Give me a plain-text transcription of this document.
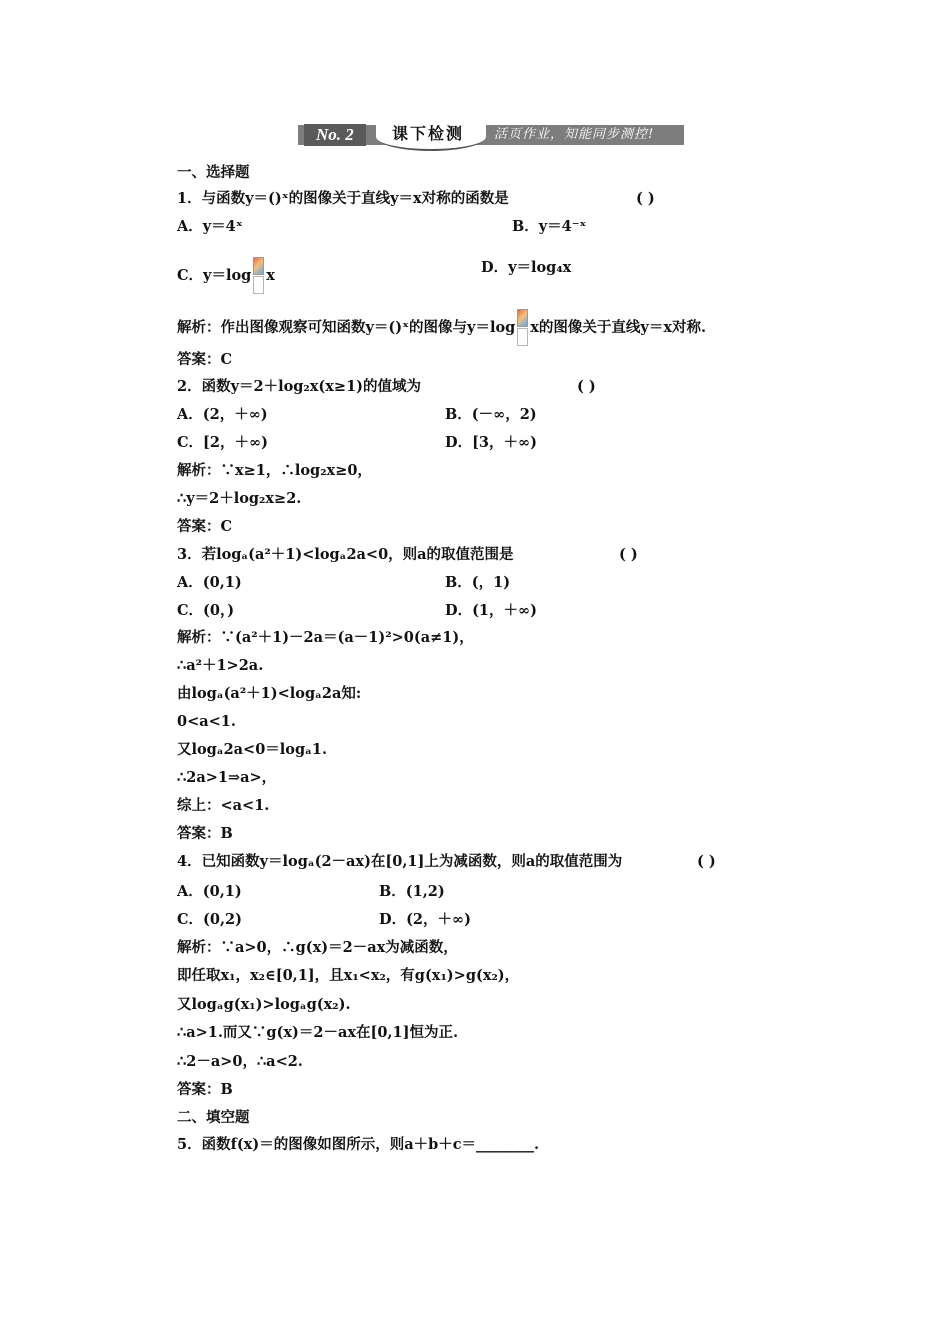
No. 2	课下检测	活页作业，知能同步测控!
一、选择题
1．与函数y＝()ˣ的图像关于直线y＝x对称的函数是	( )
A．y＝4ˣ	B．y＝4⁻ˣ
C．y＝log x	D．y＝log₄x
解析：作出图像观察可知函数y＝()ˣ的图像与y＝log x的图像关于直线y＝x对称.
答案：C
2．函数y＝2＋log₂x(x≥1)的值域为	( )
A．(2，＋∞)	B．(－∞，2)
C．[2，＋∞)	D．[3，＋∞)
解析：∵x≥1，∴log₂x≥0，
∴y＝2＋log₂x≥2.
答案：C
3．若logₐ(a²＋1)<logₐ2a<0，则a的取值范围是	( )
A．(0,1)	B．(，1)
C．(0，)	D．(1，＋∞)
解析：∵(a²＋1)－2a＝(a－1)²>0(a≠1)，
∴a²＋1>2a.
由logₐ(a²＋1)<logₐ2a知:
0<a<1.
又logₐ2a<0＝logₐ1.
∴2a>1⇒a>，
综上：<a<1.
答案：B
4．已知函数y＝logₐ(2－ax)在[0,1]上为减函数，则a的取值范围为	( )
A．(0,1)	B．(1,2)
C．(0,2)	D．(2，＋∞)
解析：∵a>0，∴g(x)＝2－ax为减函数，
即任取x₁，x₂∈[0,1]，且x₁<x₂，有g(x₁)>g(x₂)，
又logₐg(x₁)>logₐg(x₂).
∴a>1.而又∵g(x)＝2－ax在[0,1]恒为正.
∴2－a>0，∴a<2.
答案：B
二、填空题
5．函数f(x)＝的图像如图所示，则a＋b＋c＝________.
